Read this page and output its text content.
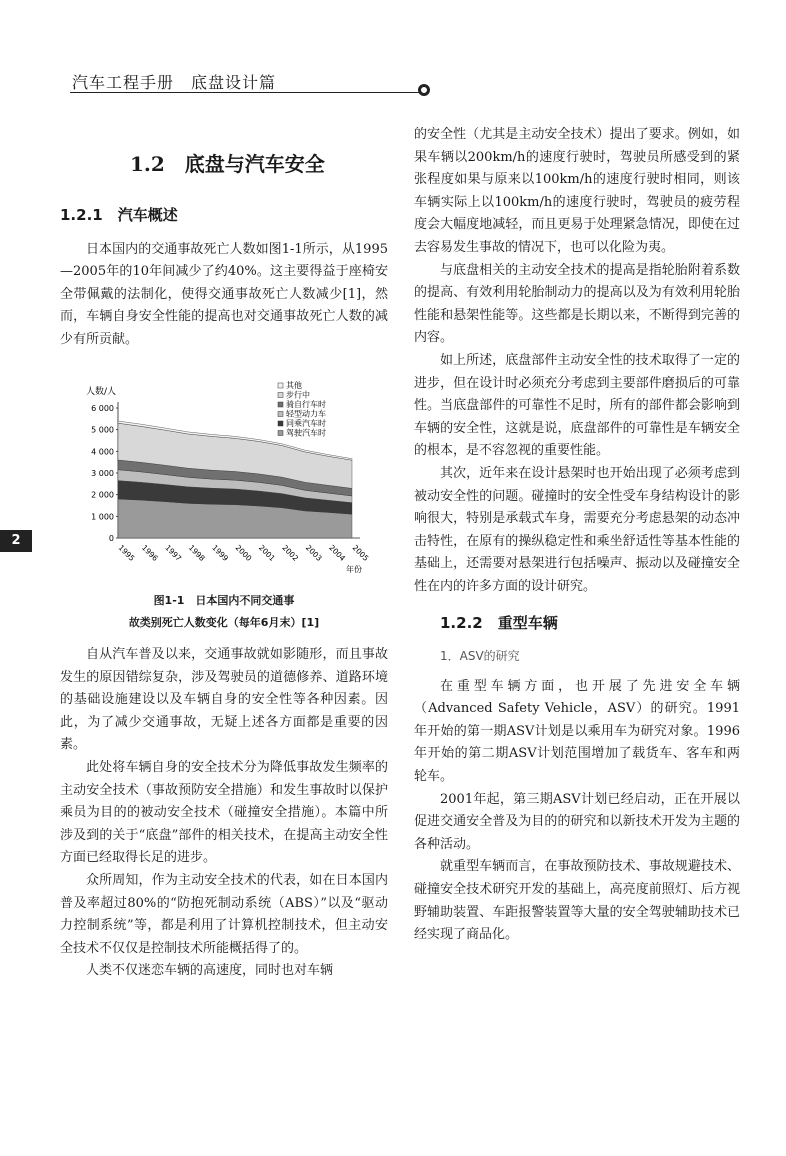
汽车工程手册　底盘设计篇
2
1.2　底盘与汽车安全
1.2.1　汽车概述

日本国内的交通事故死亡人数如图1-1所示，从1995—2005年的10年间减少了约40%。这主要得益于座椅安全带佩戴的法制化，使得交通事故死亡人数减少[1]，然而，车辆自身安全性能的提高也对交通事故死亡人数的减少有所贡献。

人数/人
0
1 000
2 000
3 000
4 000
5 000
6 000
1995 1996 1997 1998 1999 2000 2001 2002 2003 2004 2005
年份
其他
步行中
骑自行车时
轻型动力车
同乘汽车时
驾驶汽车时
图1-1　日本国内不同交通事
故类别死亡人数变化（每年6月末）[1]

自从汽车普及以来，交通事故就如影随形，而且事故发生的原因错综复杂，涉及驾驶员的道德修养、道路环境的基础设施建设以及车辆自身的安全性等各种因素。因此，为了减少交通事故，无疑上述各方面都是重要的因素。

此处将车辆自身的安全技术分为降低事故发生频率的主动安全技术（事故预防安全措施）和发生事故时以保护乘员为目的的被动安全技术（碰撞安全措施）。本篇中所涉及到的关于“底盘”部件的相关技术，在提高主动安全性方面已经取得长足的进步。

众所周知，作为主动安全技术的代表，如在日本国内普及率超过80%的“防抱死制动系统（ABS）”以及“驱动力控制系统”等，都是利用了计算机控制技术，但主动安全技术不仅仅是控制技术所能概括得了的。

人类不仅迷恋车辆的高速度，同时也对车辆

的安全性（尤其是主动安全技术）提出了要求。例如，如果车辆以200km/h的速度行驶时，驾驶员所感受到的紧张程度如果与原来以100km/h的速度行驶时相同，则该车辆实际上以100km/h的速度行驶时，驾驶员的疲劳程度会大幅度地减轻，而且更易于处理紧急情况，即使在过去容易发生事故的情况下，也可以化险为夷。

与底盘相关的主动安全技术的提高是指轮胎附着系数的提高、有效利用轮胎制动力的提高以及为有效利用轮胎性能和悬架性能等。这些都是长期以来，不断得到完善的内容。

如上所述，底盘部件主动安全性的技术取得了一定的进步，但在设计时必须充分考虑到主要部件磨损后的可靠性。当底盘部件的可靠性不足时，所有的部件都会影响到车辆的安全性，这就是说，底盘部件的可靠性是车辆安全的根本，是不容忽视的重要性能。

其次，近年来在设计悬架时也开始出现了必须考虑到被动安全性的问题。碰撞时的安全性受车身结构设计的影响很大，特别是承载式车身，需要充分考虑悬架的动态冲击特性，在原有的操纵稳定性和乘坐舒适性等基本性能的基础上，还需要对悬架进行包括噪声、振动以及碰撞安全性在内的许多方面的设计研究。

1.2.2　重型车辆
1．ASV的研究

在重型车辆方面，也开展了先进安全车辆（Advanced Safety Vehicle，ASV）的研究。1991年开始的第一期ASV计划是以乘用车为研究对象。1996年开始的第二期ASV计划范围增加了载货车、客车和两轮车。

2001年起，第三期ASV计划已经启动，正在开展以促进交通安全普及为目的的研究和以新技术开发为主题的各种活动。

就重型车辆而言，在事故预防技术、事故规避技术、碰撞安全技术研究开发的基础上，高亮度前照灯、后方视野辅助装置、车距报警装置等大量的安全驾驶辅助技术已经实现了商品化。
